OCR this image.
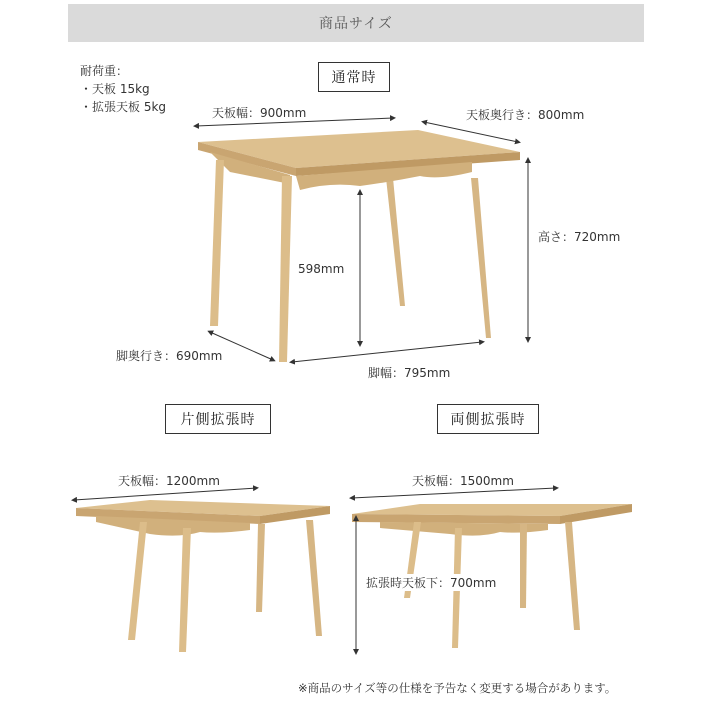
商品サイズ
耐荷重：
・天板 15kg
・拡張天板 5kg
通常時
片側拡張時	両側拡張時
天板幅：900mm	天板奥行き：800mm
高さ：720mm
598mm
脚奥行き：690mm
脚幅：795mm
天板幅：1200mm	天板幅：1500mm
拡張時天板下：700mm
※商品のサイズ等の仕様を予告なく変更する場合があります。
